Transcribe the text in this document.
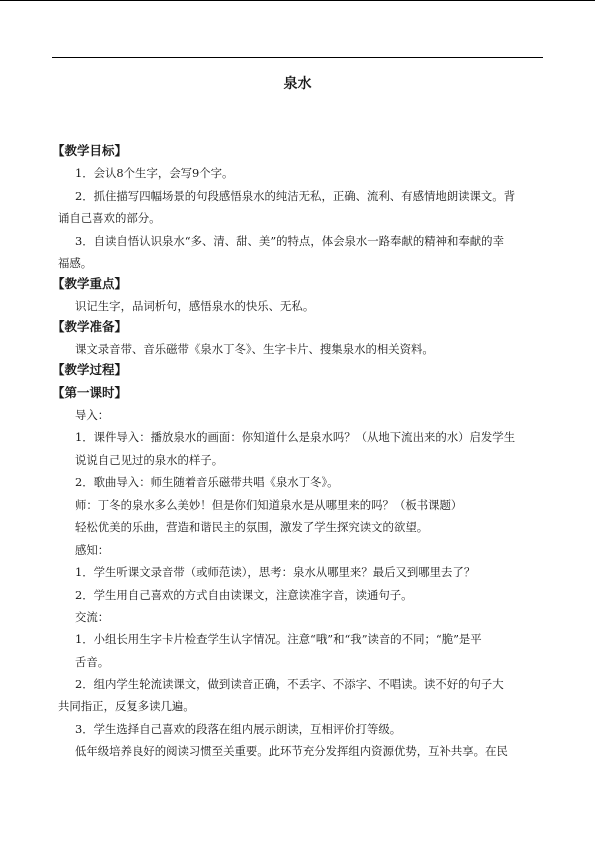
泉水
【教学目标】
1．会认8个生字，会写9个字。
2．抓住描写四幅场景的句段感悟泉水的纯洁无私，正确、流利、有感情地朗读课文。背
诵自己喜欢的部分。
3．自读自悟认识泉水“多、清、甜、美”的特点，体会泉水一路奉献的精神和奉献的幸
福感。
【教学重点】
识记生字，品词析句，感悟泉水的快乐、无私。
【教学准备】
课文录音带、音乐磁带《泉水丁冬》、生字卡片、搜集泉水的相关资料。
【教学过程】
【第一课时】
导入：
1．课件导入：播放泉水的画面：你知道什么是泉水吗？（从地下流出来的水）启发学生
说说自己见过的泉水的样子。
2．歌曲导入：师生随着音乐磁带共唱《泉水丁冬》。
师：丁冬的泉水多么美妙！但是你们知道泉水是从哪里来的吗？（板书课题）
轻松优美的乐曲，营造和谐民主的氛围，激发了学生探究读文的欲望。
感知：
1．学生听课文录音带（或师范读），思考：泉水从哪里来？最后又到哪里去了？
2．学生用自己喜欢的方式自由读课文，注意读准字音，读通句子。
交流：
1．小组长用生字卡片检查学生认字情况。注意“哦”和“我”读音的不同；“脆”是平
舌音。
2．组内学生轮流读课文，做到读音正确，不丢字、不添字、不唱读。读不好的句子大
共同指正，反复多读几遍。
3．学生选择自己喜欢的段落在组内展示朗读，互相评价打等级。
低年级培养良好的阅读习惯至关重要。此环节充分发挥组内资源优势，互补共享。在民
